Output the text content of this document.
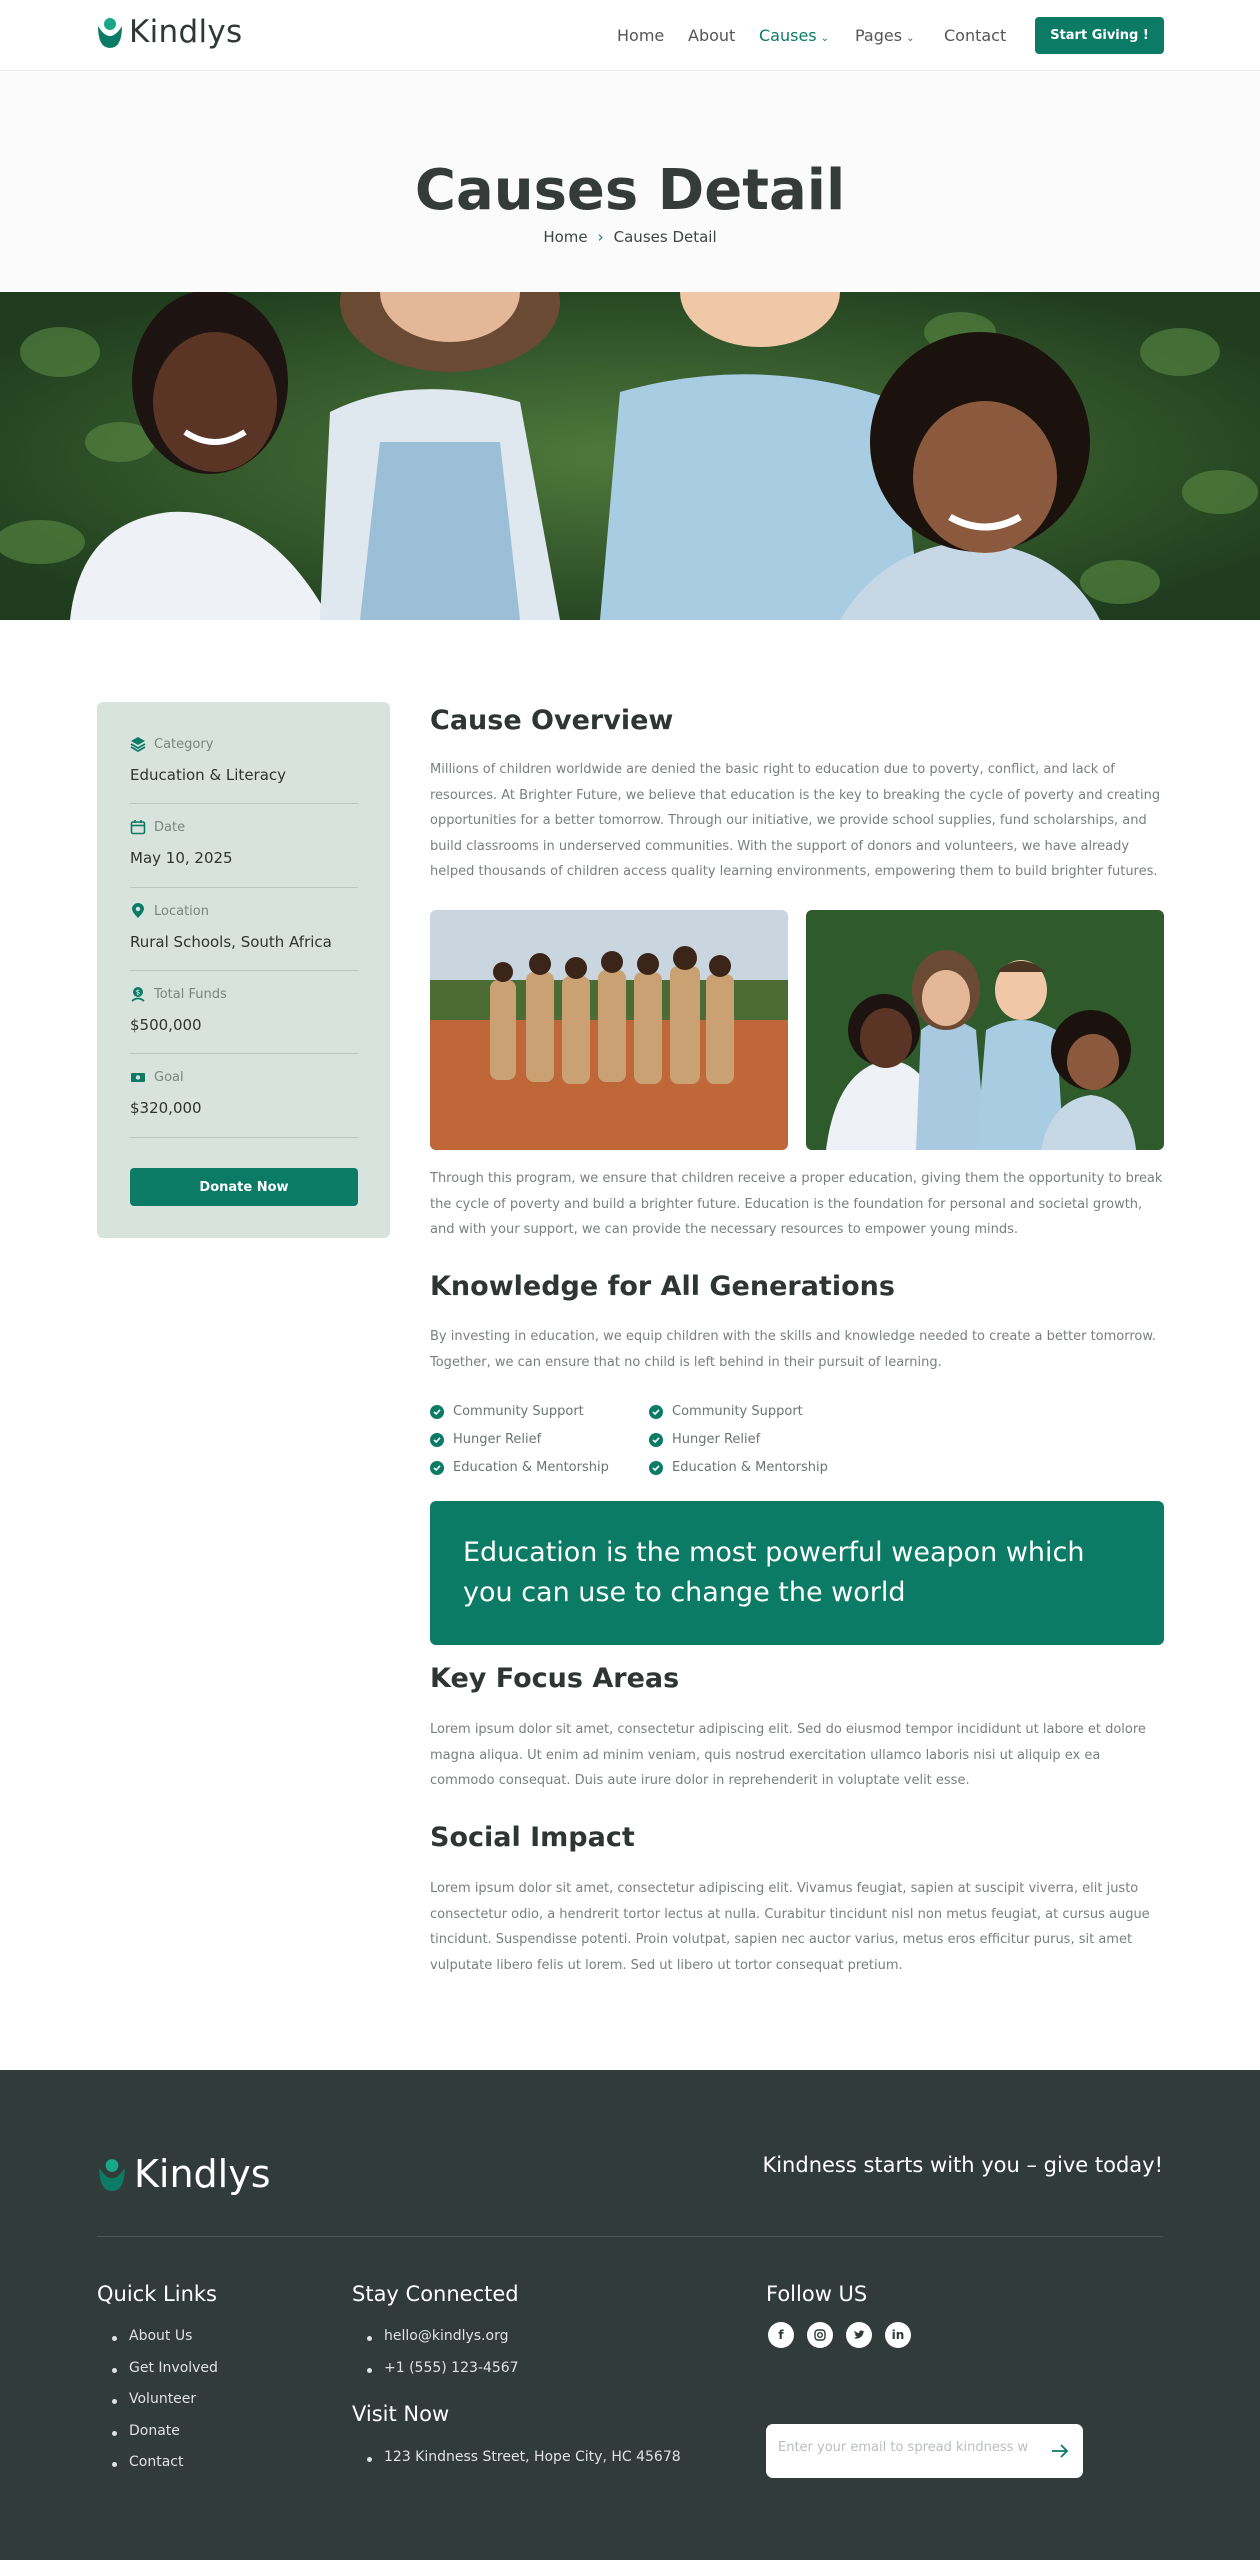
Kindlys	Home About Causes ⌄ Pages ⌄ Contact	Start Giving !
Causes Detail
Home › Causes Detail
Category
Education & Literacy
Date
May 10, 2025
Location
Rural Schools, South Africa
$ Total Funds
$500,000
Goal
$320,000
Donate Now
Cause Overview

Millions of children worldwide are denied the basic right to education due to poverty, conflict, and lack of resources. At Brighter Future, we believe that education is the key to breaking the cycle of poverty and creating opportunities for a better tomorrow. Through our initiative, we provide school supplies, fund scholarships, and build classrooms in underserved communities. With the support of donors and volunteers, we have already helped thousands of children access quality learning environments, empowering them to build brighter futures.

Through this program, we ensure that children receive a proper education, giving them the opportunity to break the cycle of poverty and build a brighter future. Education is the foundation for personal and societal growth, and with your support, we can provide the necessary resources to empower young minds.

Knowledge for All Generations

By investing in education, we equip children with the skills and knowledge needed to create a better tomorrow. Together, we can ensure that no child is left behind in their pursuit of learning.

Community Support
Hunger Relief
Education & Mentorship
Community Support
Hunger Relief
Education & Mentorship
Education is the most powerful weapon which you can use to change the world
Key Focus Areas

Lorem ipsum dolor sit amet, consectetur adipiscing elit. Sed do eiusmod tempor incididunt ut labore et dolore magna aliqua. Ut enim ad minim veniam, quis nostrud exercitation ullamco laboris nisi ut aliquip ex ea commodo consequat. Duis aute irure dolor in reprehenderit in voluptate velit esse.

Social Impact

Lorem ipsum dolor sit amet, consectetur adipiscing elit. Vivamus feugiat, sapien at suscipit viverra, elit justo consectetur odio, a hendrerit tortor lectus at nulla. Curabitur tincidunt nisl non metus feugiat, at cursus augue tincidunt. Suspendisse potenti. Proin volutpat, sapien nec auctor varius, metus eros efficitur purus, sit amet vulputate libero felis ut lorem. Sed ut libero ut tortor consequat pretium.

Kindlys	Kindness starts with you – give today!
Quick Links
About Us
Get Involved
Volunteer
Donate
Contact
Stay Connected
hello@kindlys.org
+1 (555) 123-4567
Visit Now
123 Kindness Street, Hope City, HC 45678
Follow US
f	in
Enter your email to spread kindness wi
